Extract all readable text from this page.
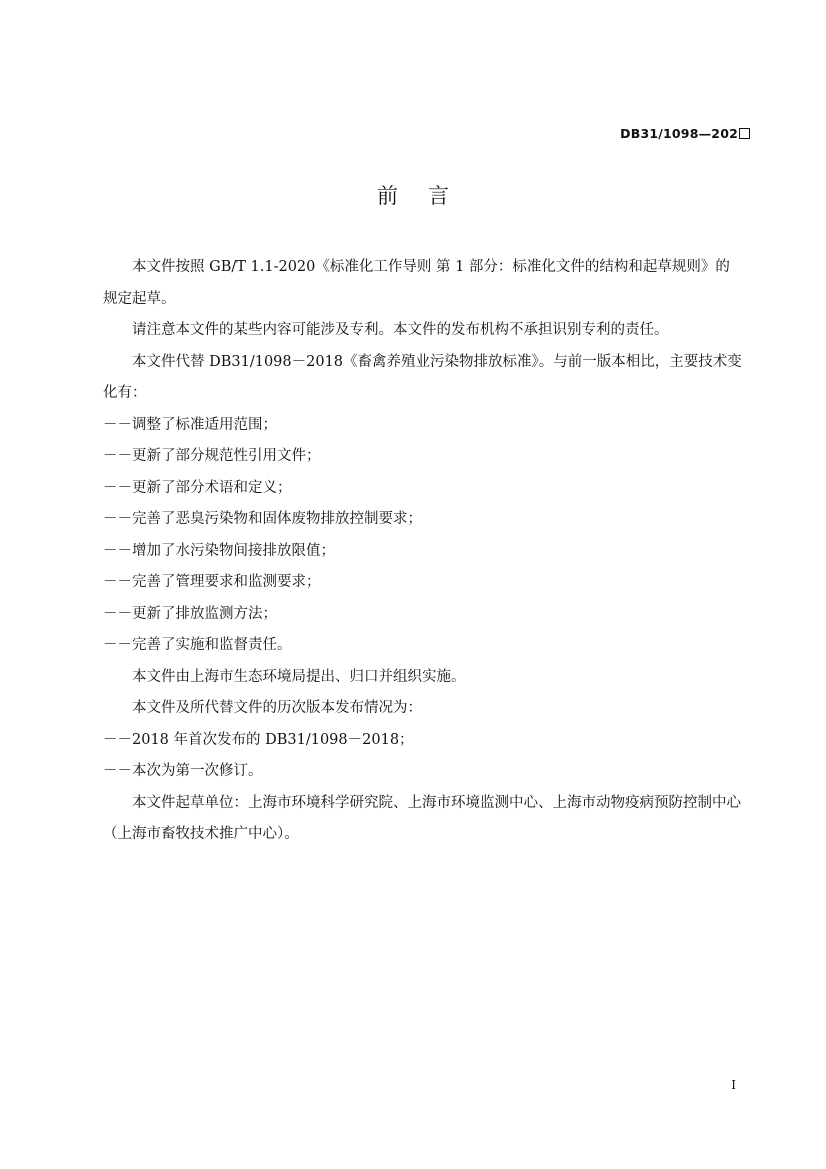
DB31/1098—202
前言

本文件按照 GB/T 1.1-2020《标准化工作导则 第 1 部分：标准化文件的结构和起草规则》的规定起草。

请注意本文件的某些内容可能涉及专利。本文件的发布机构不承担识别专利的责任。

本文件代替 DB31/1098－2018《畜禽养殖业污染物排放标准》。与前一版本相比，主要技术变化有：

－－调整了标准适用范围；

－－更新了部分规范性引用文件；

－－更新了部分术语和定义；

－－完善了恶臭污染物和固体废物排放控制要求；

－－增加了水污染物间接排放限值；

－－完善了管理要求和监测要求；

－－更新了排放监测方法；

－－完善了实施和监督责任。

本文件由上海市生态环境局提出、归口并组织实施。

本文件及所代替文件的历次版本发布情况为：

－－2018 年首次发布的 DB31/1098－2018；

－－本次为第一次修订。

本文件起草单位：上海市环境科学研究院、上海市环境监测中心、上海市动物疫病预防控制中心（上海市畜牧技术推广中心）。

I
